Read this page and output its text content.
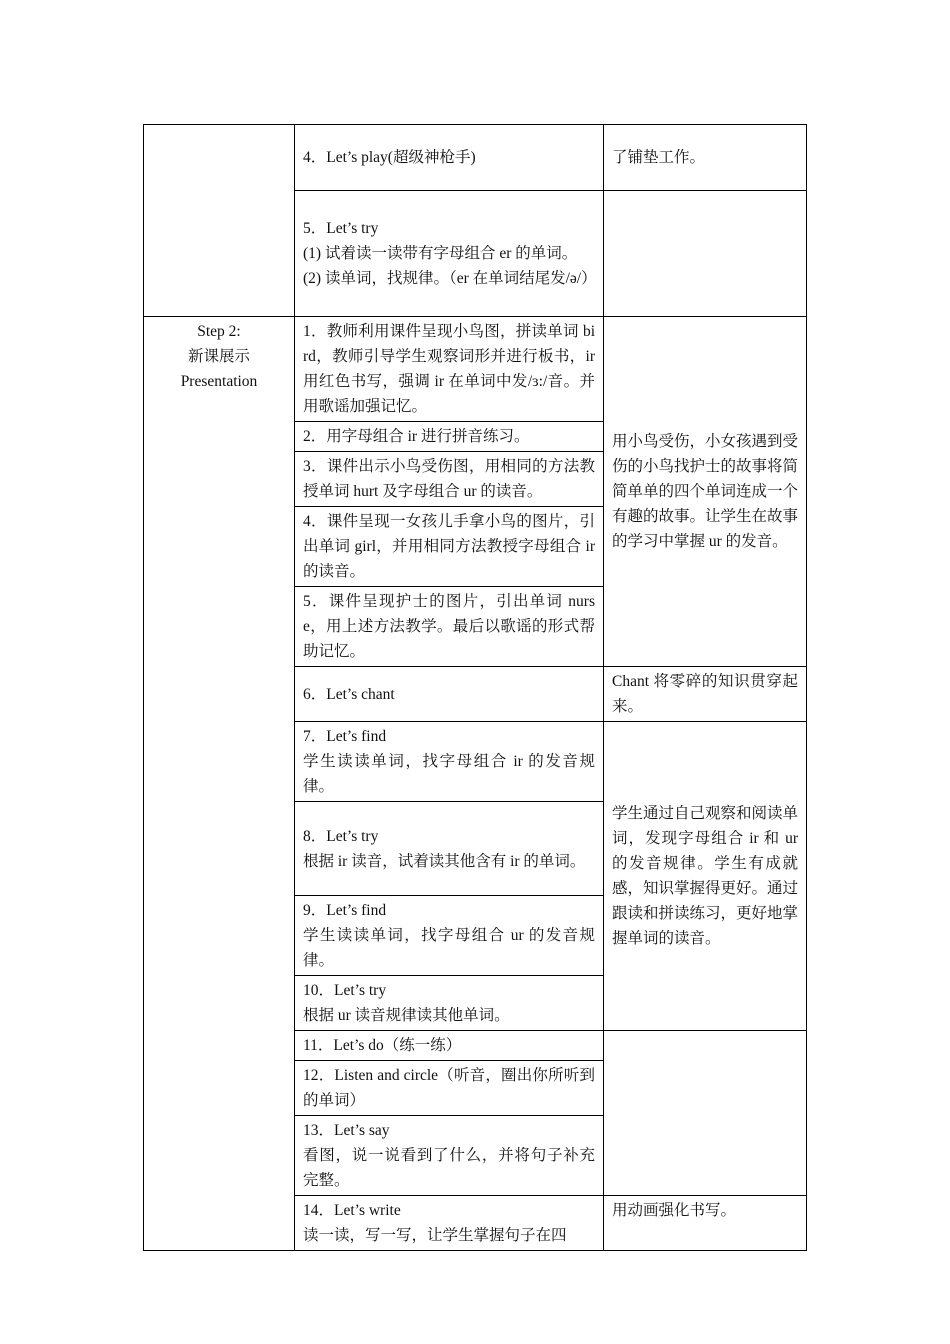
	4．Let’s play(超级神枪手)	了铺垫工作。

	5．Let’s try
(1) 试着读一读带有字母组合 er 的单词。
(2) 读单词，找规律。（er 在单词结尾发/ə/）	

Step 2:
新课展示
Presentation	1．教师利用课件呈现小鸟图，拼读单词 bird，教师引导学生观察词形并进行板书，ir 用红色书写，强调 ir 在单词中发/ɜ:/音。并用歌谣加强记忆。	用小鸟受伤，小女孩遇到受伤的小鸟找护士的故事将简简单单的四个单词连成一个有趣的故事。让学生在故事的学习中掌握 ur 的发音。
	2．用字母组合 ir 进行拼音练习。	
	3．课件出示小鸟受伤图，用相同的方法教授单词 hurt 及字母组合 ur 的读音。	
	4．课件呈现一女孩儿手拿小鸟的图片，引出单词 girl，并用相同方法教授字母组合 ir 的读音。	
	5．课件呈现护士的图片，引出单词 nurse，用上述方法教学。最后以歌谣的形式帮助记忆。	
	6．Let’s chant	Chant 将零碎的知识贯穿起来。

	7．Let’s find
学生读读单词，找字母组合 ir 的发音规律。	学生通过自己观察和阅读单词，发现字母组合 ir 和 ur 的发音规律。学生有成就感，知识掌握得更好。通过跟读和拼读练习，更好地掌握单词的读音。

	8．Let’s try
根据 ir 读音，试着读其他含有 ir 的单词。	

	9．Let’s find
学生读读单词，找字母组合 ur 的发音规律。	

	10．Let’s try
根据 ur 读音规律读其他单词。	

	11．Let’s do（练一练）	
	12．Listen and circle（听音，圈出你所听到的单词）	

	13．Let’s say
看图，说一说看到了什么，并将句子补充完整。	

	14．Let’s write
读一读，写一写，让学生掌握句子在四	用动画强化书写。
